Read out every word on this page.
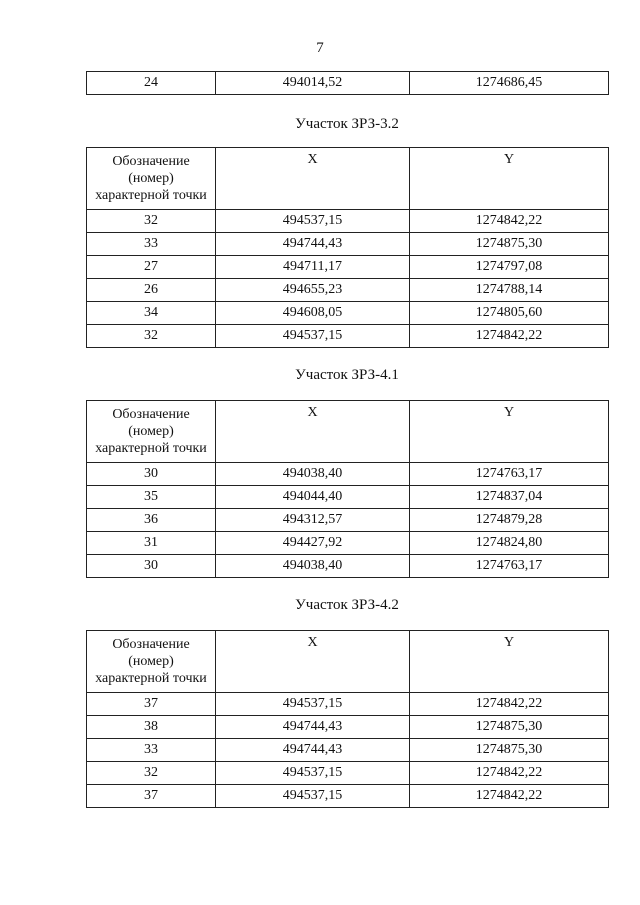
7
24	494014,52	1274686,45
Участок ЗРЗ-3.2
Обозначение
(номер)
характерной точки	X	Y
32	494537,15	1274842,22
33	494744,43	1274875,30
27	494711,17	1274797,08
26	494655,23	1274788,14
34	494608,05	1274805,60
32	494537,15	1274842,22
Участок ЗРЗ-4.1
Обозначение
(номер)
характерной точки	X	Y
30	494038,40	1274763,17
35	494044,40	1274837,04
36	494312,57	1274879,28
31	494427,92	1274824,80
30	494038,40	1274763,17
Участок ЗРЗ-4.2
Обозначение
(номер)
характерной точки	X	Y
37	494537,15	1274842,22
38	494744,43	1274875,30
33	494744,43	1274875,30
32	494537,15	1274842,22
37	494537,15	1274842,22
